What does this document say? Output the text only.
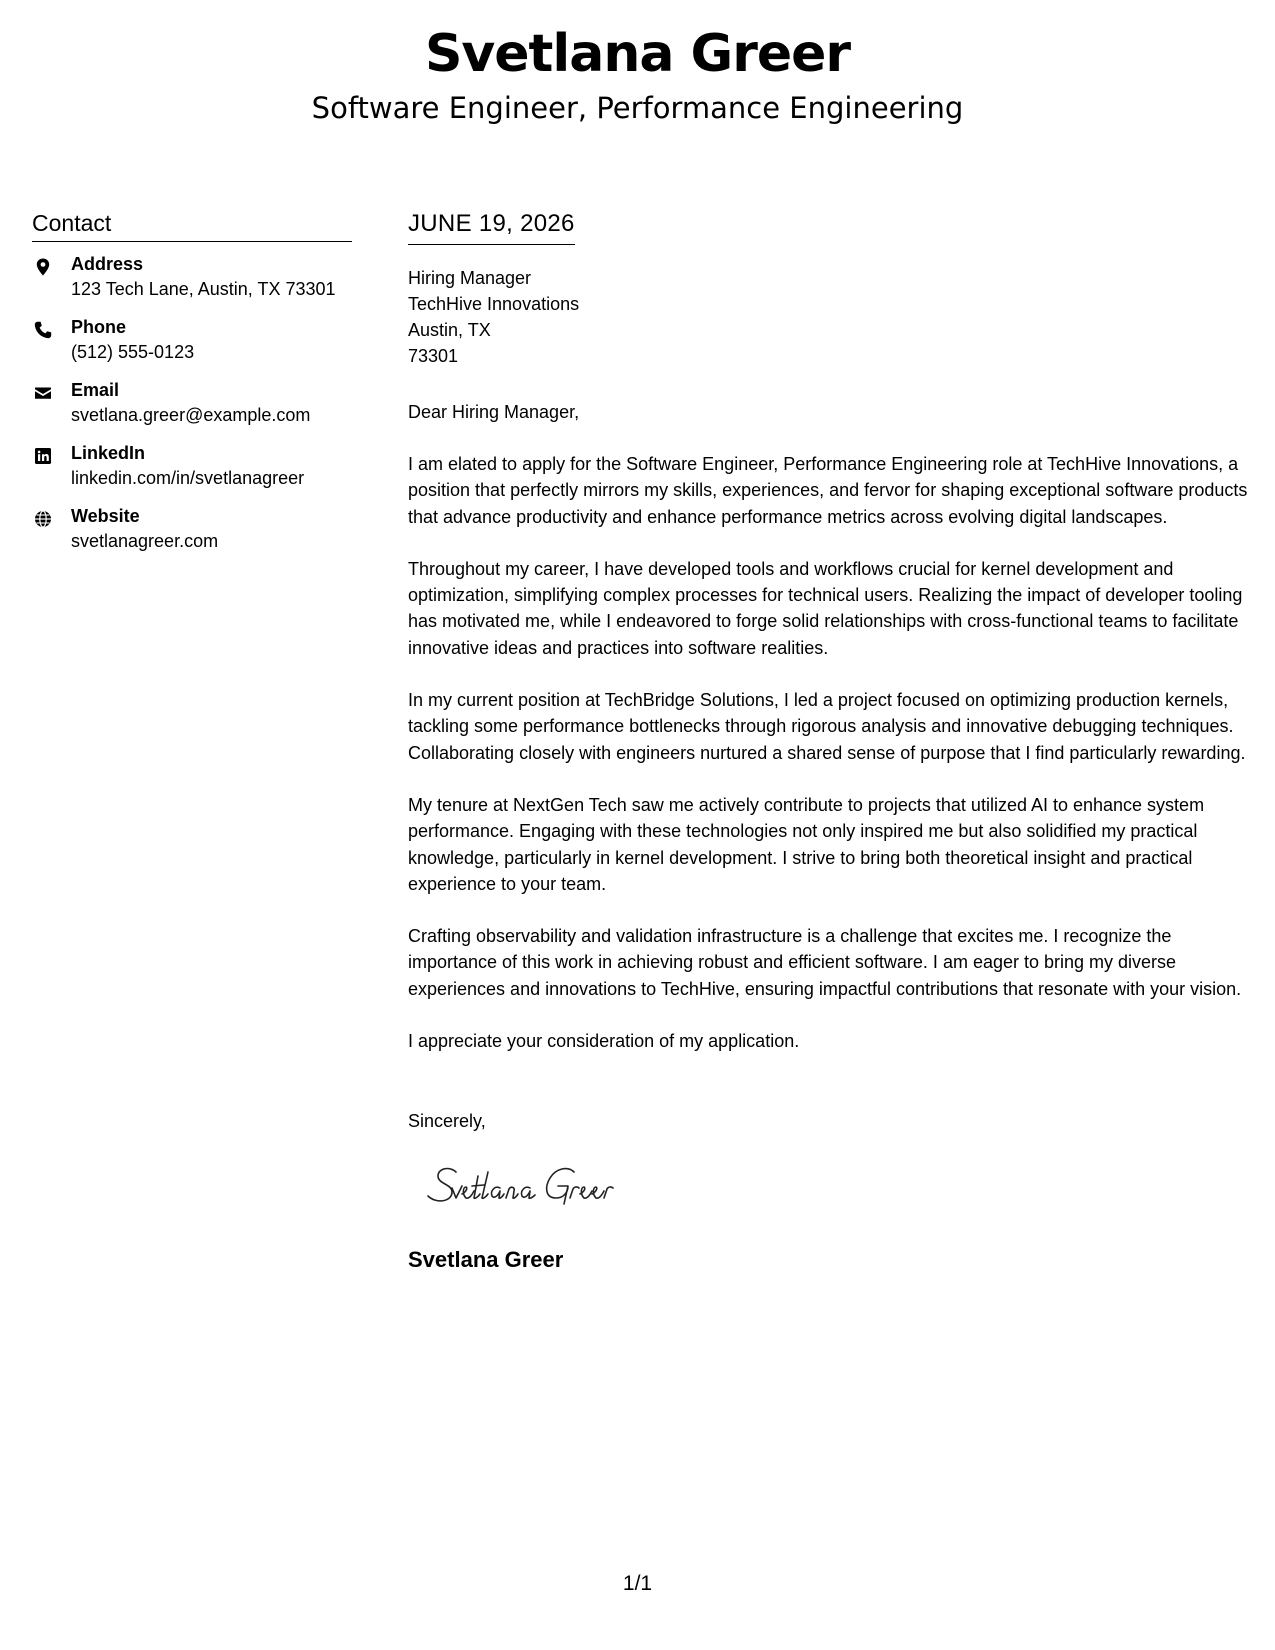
Svetlana Greer
Software Engineer, Performance Engineering
Contact
Address
123 Tech Lane, Austin, TX 73301
Phone
(512) 555-0123
Email
svetlana.greer@example.com
LinkedIn
linkedin.com/in/svetlanagreer
Website
svetlanagreer.com
JUNE 19, 2026
Hiring Manager
TechHive Innovations
Austin, TX
73301
Dear Hiring Manager,
I am elated to apply for the Software Engineer, Performance Engineering role at TechHive Innovations, a position that perfectly mirrors my skills, experiences, and fervor for shaping exceptional software products that advance productivity and enhance performance metrics across evolving digital landscapes.
Throughout my career, I have developed tools and workflows crucial for kernel development and optimization, simplifying complex processes for technical users. Realizing the impact of developer tooling has motivated me, while I endeavored to forge solid relationships with cross-functional teams to facilitate innovative ideas and practices into software realities.
In my current position at TechBridge Solutions, I led a project focused on optimizing production kernels, tackling some performance bottlenecks through rigorous analysis and innovative debugging techniques. Collaborating closely with engineers nurtured a shared sense of purpose that I find particularly rewarding.
My tenure at NextGen Tech saw me actively contribute to projects that utilized AI to enhance system performance. Engaging with these technologies not only inspired me but also solidified my practical knowledge, particularly in kernel development. I strive to bring both theoretical insight and practical experience to your team.
Crafting observability and validation infrastructure is a challenge that excites me. I recognize the importance of this work in achieving robust and efficient software. I am eager to bring my diverse experiences and innovations to TechHive, ensuring impactful contributions that resonate with your vision.
I appreciate your consideration of my application.
Sincerely,
Svetlana Greer
1/1
